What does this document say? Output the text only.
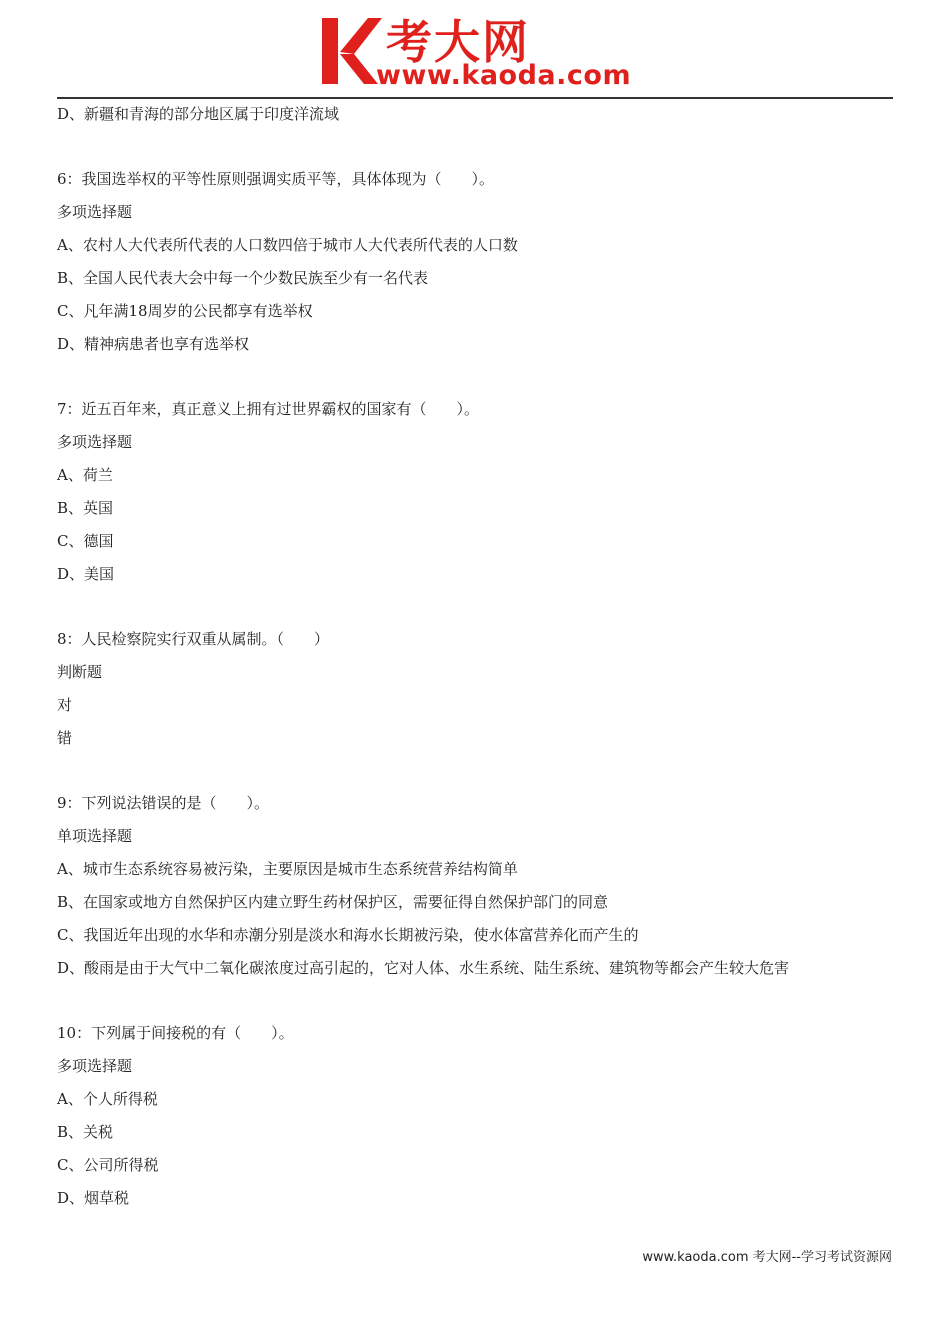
考大网
www.kaoda.com
D、新疆和青海的部分地区属于印度洋流域
6：我国选举权的平等性原则强调实质平等，具体体现为（　　）。
多项选择题
A、农村人大代表所代表的人口数四倍于城市人大代表所代表的人口数
B、全国人民代表大会中每一个少数民族至少有一名代表
C、凡年满18周岁的公民都享有选举权
D、精神病患者也享有选举权
7：近五百年来，真正意义上拥有过世界霸权的国家有（　　）。
多项选择题
A、荷兰
B、英国
C、德国
D、美国
8：人民检察院实行双重从属制。（　　）
判断题
对
错
9：下列说法错误的是（　　）。
单项选择题
A、城市生态系统容易被污染，主要原因是城市生态系统营养结构简单
B、在国家或地方自然保护区内建立野生药材保护区，需要征得自然保护部门的同意
C、我国近年出现的水华和赤潮分别是淡水和海水长期被污染，使水体富营养化而产生的
D、酸雨是由于大气中二氧化碳浓度过高引起的，它对人体、水生系统、陆生系统、建筑物等都会产生较大危害
10：下列属于间接税的有（　　）。
多项选择题
A、个人所得税
B、关税
C、公司所得税
D、烟草税
www.kaoda.com 考大网--学习考试资源网
